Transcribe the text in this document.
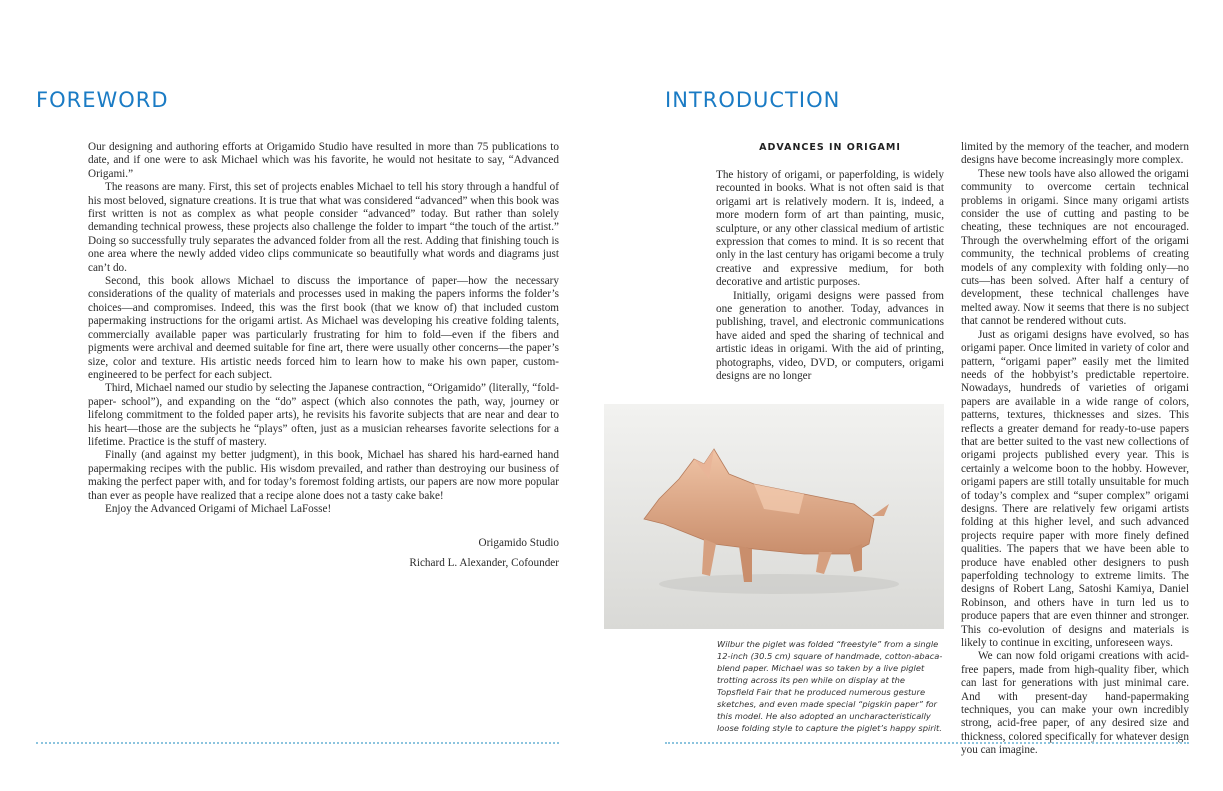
FOREWORD

Our designing and authoring efforts at Origamido Studio have resulted in more than 75 publications to date, and if one were to ask Michael which was his favorite, he would not hesitate to say, “Advanced Origami.”

The reasons are many. First, this set of projects enables Michael to tell his story through a handful of his most beloved, signature creations. It is true that what was considered “advanced” when this book was first written is not as complex as what people consider “advanced” today. But rather than solely demanding technical prowess, these projects also challenge the folder to impart “the touch of the artist.” Doing so successfully truly separates the advanced folder from all the rest. Adding that finishing touch is one area where the newly added video clips communicate so beautifully what words and diagrams just can’t do.

Second, this book allows Michael to discuss the importance of paper—how the necessary considerations of the quality of materials and processes used in making the papers informs the folder’s choices—and compromises. Indeed, this was the first book (that we know of) that included custom papermaking instructions for the origami artist. As Michael was developing his creative folding talents, commercially available paper was particularly frustrating for him to fold—even if the fibers and pigments were archival and deemed suitable for fine art, there were usually other concerns—the paper’s size, color and texture. His artistic needs forced him to learn how to make his own paper, custom-engineered to be perfect for each subject.

Third, Michael named our studio by selecting the Japanese contraction, “Origamido” (literally, “fold-paper- school”), and expanding on the “do” aspect (which also connotes the path, way, journey or lifelong commitment to the folded paper arts), he revisits his favorite subjects that are near and dear to his heart—those are the subjects he “plays” often, just as a musician rehearses favorite selections for a lifetime. Practice is the stuff of mastery.

Finally (and against my better judgment), in this book, Michael has shared his hard-earned hand papermaking recipes with the public. His wisdom prevailed, and rather than destroying our business of making the perfect paper with, and for today’s foremost folding artists, our papers are now more popular than ever as people have realized that a recipe alone does not a tasty cake bake!

Enjoy the Advanced Origami of Michael LaFosse!

Origamido Studio
Richard L. Alexander, Cofounder
INTRODUCTION
ADVANCES IN ORIGAMI

The history of origami, or paperfolding, is widely recounted in books. What is not often said is that origami art is relatively modern. It is, indeed, a more modern form of art than painting, music, sculpture, or any other classical medium of artistic expression that comes to mind. It is so recent that only in the last century has origami become a truly creative and expressive medium, for both decorative and artistic purposes.

Initially, origami designs were passed from one generation to another. Today, advances in publishing, travel, and electronic communications have aided and sped the sharing of technical and artistic ideas in origami. With the aid of printing, photographs, video, DVD, or computers, origami designs are no longer

limited by the memory of the teacher, and modern designs have become increasingly more complex.

These new tools have also allowed the origami community to overcome certain technical problems in origami. Since many origami artists consider the use of cutting and pasting to be cheating, these techniques are not encouraged. Through the overwhelming effort of the origami community, the technical problems of creating models of any complexity with folding only—no cuts—has been solved. After half a century of development, these technical challenges have melted away. Now it seems that there is no subject that cannot be rendered without cuts.

Just as origami designs have evolved, so has origami paper. Once limited in variety of color and pattern, “origami paper” easily met the limited needs of the hobbyist’s predictable repertoire. Nowadays, hundreds of varieties of origami papers are available in a wide range of colors, patterns, textures, thicknesses and sizes. This reflects a greater demand for ready-to-use papers that are better suited to the vast new collections of origami projects published every year. This is certainly a welcome boon to the hobby. However, origami papers are still totally unsuitable for much of today’s complex and “super complex” origami designs. There are relatively few origami artists folding at this higher level, and such advanced projects require paper with more finely defined qualities. The papers that we have been able to produce have enabled other designers to push paperfolding technology to extreme limits. The designs of Robert Lang, Satoshi Kamiya, Daniel Robinson, and others have in turn led us to produce papers that are even thinner and stronger. This co-evolution of designs and materials is likely to continue in exciting, unforeseen ways.

We can now fold origami creations with acid-free papers, made from high-quality fiber, which can last for generations with just minimal care. And with present-day hand-papermaking techniques, you can make your own incredibly strong, acid-free paper, of any desired size and thickness, colored specifically for whatever design you can imagine.

Wilbur the piglet was folded “freestyle” from a single 12-inch (30.5 cm) square of handmade, cotton-abaca-blend paper. Michael was so taken by a live piglet trotting across its pen while on display at the Topsfield Fair that he produced numerous gesture sketches, and even made special “pigskin paper” for this model. He also adopted an uncharacteristically loose folding style to capture the piglet’s happy spirit.
